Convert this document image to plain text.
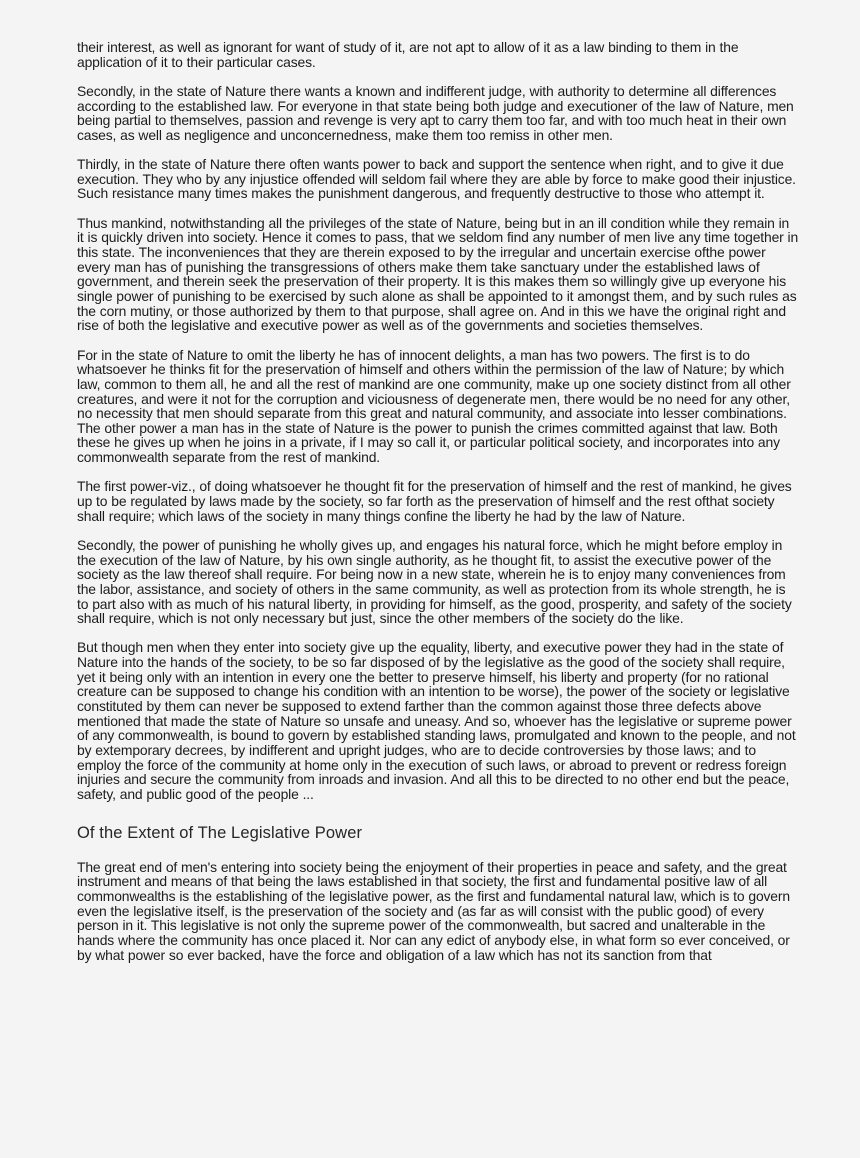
their interest, as well as ignorant for want of study of it, are not apt to allow of it as a law binding to them in the application of it to their particular cases.

Secondly, in the state of Nature there wants a known and indifferent judge, with authority to determine all differences according to the established law. For everyone in that state being both judge and executioner of the law of Nature, men being partial to themselves, passion and revenge is very apt to carry them too far, and with too much heat in their own cases, as well as negligence and unconcernedness, make them too remiss in other men.

Thirdly, in the state of Nature there often wants power to back and support the sentence when right, and to give it due execution. They who by any injustice offended will seldom fail where they are able by force to make good their injustice. Such resistance many times makes the punishment dangerous, and frequently destructive to those who attempt it.

Thus mankind, notwithstanding all the privileges of the state of Nature, being but in an ill condition while they remain in it is quickly driven into society. Hence it comes to pass, that we seldom find any number of men live any time together in this state. The inconveniences that they are therein exposed to by the irregular and uncertain exercise ofthe power every man has of punishing the transgressions of others make them take sanctuary under the established laws of government, and therein seek the preservation of their property. It is this makes them so willingly give up everyone his single power of punishing to be exercised by such alone as shall be appointed to it amongst them, and by such rules as the corn mutiny, or those authorized by them to that purpose, shall agree on. And in this we have the original right and rise of both the legislative and executive power as well as of the governments and societies themselves.

For in the state of Nature to omit the liberty he has of innocent delights, a man has two powers. The first is to do whatsoever he thinks fit for the preservation of himself and others within the permission of the law of Nature; by which law, common to them all, he and all the rest of mankind are one community, make up one society distinct from all other creatures, and were it not for the corruption and viciousness of degenerate men, there would be no need for any other, no necessity that men should separate from this great and natural community, and associate into lesser combinations. The other power a man has in the state of Nature is the power to punish the crimes committed against that law. Both these he gives up when he joins in a private, if I may so call it, or particular political society, and incorporates into any commonwealth separate from the rest of mankind.

The first power-viz., of doing whatsoever he thought fit for the preservation of himself and the rest of mankind, he gives up to be regulated by laws made by the society, so far forth as the preservation of himself and the rest ofthat society shall require; which laws of the society in many things confine the liberty he had by the law of Nature.

Secondly, the power of punishing he wholly gives up, and engages his natural force, which he might before employ in the execution of the law of Nature, by his own single authority, as he thought fit, to assist the executive power of the society as the law thereof shall require. For being now in a new state, wherein he is to enjoy many conveniences from the labor, assistance, and society of others in the same community, as well as protection from its whole strength, he is to part also with as much of his natural liberty, in providing for himself, as the good, prosperity, and safety of the society shall require, which is not only necessary but just, since the other members of the society do the like.

But though men when they enter into society give up the equality, liberty, and executive power they had in the state of Nature into the hands of the society, to be so far disposed of by the legislative as the good of the society shall require, yet it being only with an intention in every one the better to preserve himself, his liberty and property (for no rational creature can be supposed to change his condition with an intention to be worse), the power of the society or legislative constituted by them can never be supposed to extend farther than the common against those three defects above mentioned that made the state of Nature so unsafe and uneasy. And so, whoever has the legislative or supreme power of any commonwealth, is bound to govern by established standing laws, promulgated and known to the people, and not by extemporary decrees, by indifferent and upright judges, who are to decide controversies by those laws; and to employ the force of the community at home only in the execution of such laws, or abroad to prevent or redress foreign injuries and secure the community from inroads and invasion. And all this to be directed to no other end but the peace, safety, and public good of the people ...

Of the Extent of The Legislative Power

The great end of men's entering into society being the enjoyment of their properties in peace and safety, and the great instrument and means of that being the laws established in that society, the first and fundamental positive law of all commonwealths is the establishing of the legislative power, as the first and fundamental natural law, which is to govern even the legislative itself, is the preservation of the society and (as far as will consist with the public good) of every person in it. This legislative is not only the supreme power of the commonwealth, but sacred and unalterable in the hands where the community has once placed it. Nor can any edict of anybody else, in what form so ever conceived, or by what power so ever backed, have the force and obligation of a law which has not its sanction from that
